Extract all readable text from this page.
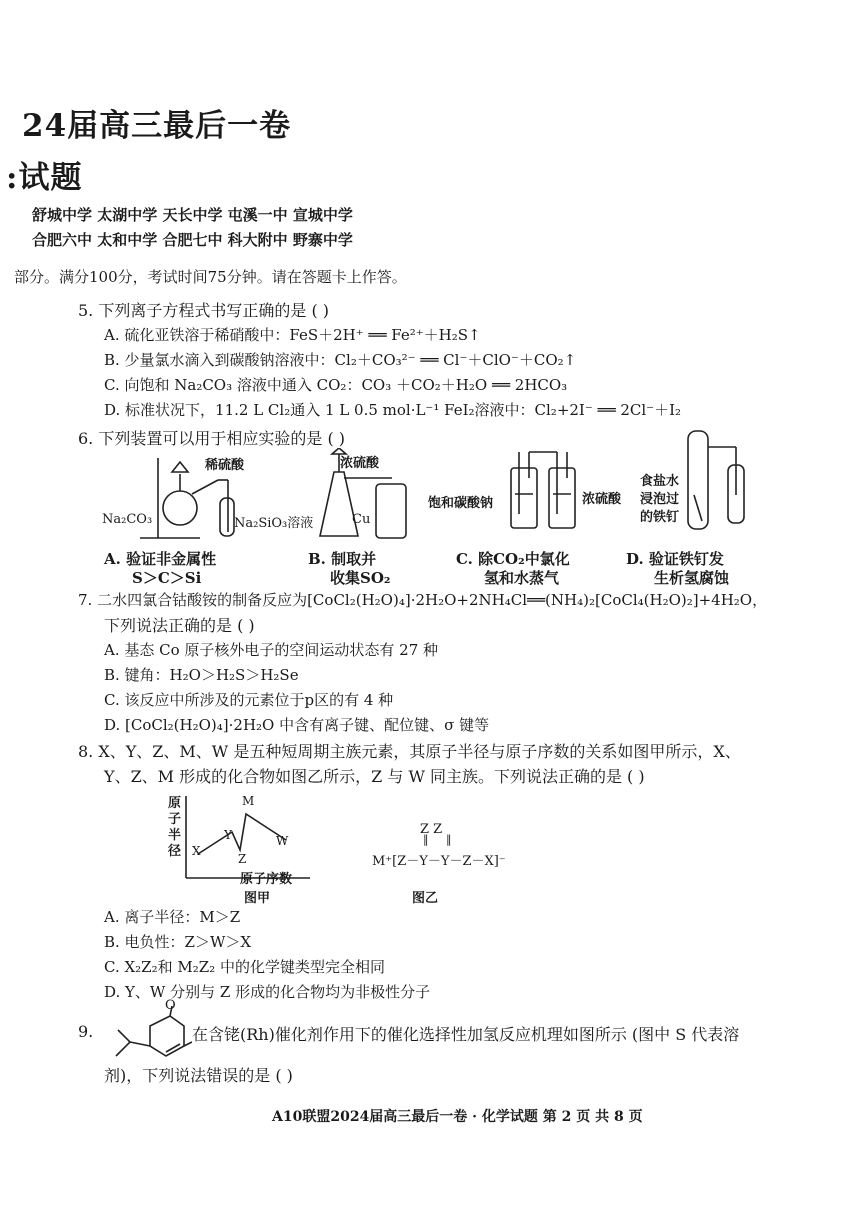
24届高三最后一卷
:试题
舒城中学 太湖中学 天长中学 屯溪一中 宣城中学
合肥六中 太和中学 合肥七中 科大附中 野寨中学
部分。满分100分，考试时间75分钟。请在答题卡上作答。
5. 下列离子方程式书写正确的是 ( )
A. 硫化亚铁溶于稀硝酸中：FeS＋2H⁺ ══ Fe²⁺＋H₂S↑
B. 少量氯水滴入到碳酸钠溶液中：Cl₂＋CO₃²⁻ ══ Cl⁻＋ClO⁻＋CO₂↑
C. 向饱和 Na₂CO₃ 溶液中通入 CO₂：CO₃ ＋CO₂＋H₂O ══ 2HCO₃
D. 标准状况下，11.2 L Cl₂通入 1 L 0.5 mol·L⁻¹ FeI₂溶液中：Cl₂+2I⁻ ══ 2Cl⁻＋I₂
6. 下列装置可以用于相应实验的是 ( )
稀硫酸
Na₂CO₃	Na₂SiO₃溶液
浓硫酸
Cu
饱和碳酸钠	浓硫酸
食盐水
浸泡过
的铁钉
A. 验证非金属性
S＞C＞Si
B. 制取并
收集SO₂
C. 除CO₂中氯化
氢和水蒸气
D. 验证铁钉发
生析氢腐蚀
7. 二水四氯合钴酸铵的制备反应为[CoCl₂(H₂O)₄]·2H₂O+2NH₄Cl══(NH₄)₂[CoCl₄(H₂O)₂]+4H₂O，
下列说法正确的是 ( )
A. 基态 Co 原子核外电子的空间运动状态有 27 种
B. 键角：H₂O＞H₂S＞H₂Se
C. 该反应中所涉及的元素位于p区的有 4 种
D. [CoCl₂(H₂O)₄]·2H₂O 中含有离子键、配位键、σ 键等
8. X、Y、Z、M、W 是五种短周期主族元素，其原子半径与原子序数的关系如图甲所示，X、
Y、Z、M 形成的化合物如图乙所示，Z 与 W 同主族。下列说法正确的是 ( )
原
子
半
径 X
Y
Z
M
W
原子序数
图甲
Z Z
‖     ‖
M⁺[Z－Y－Y－Z－X]⁻
图乙
A. 离子半径：M＞Z
B. 电负性：Z＞W＞X
C. X₂Z₂和 M₂Z₂ 中的化学键类型完全相同
D. Y、W 分别与 Z 形成的化合物均为非极性分子
9.
O
在含铑(Rh)催化剂作用下的催化选择性加氢反应机理如图所示 (图中 S 代表溶
剂)，下列说法错误的是 ( )
A10联盟2024届高三最后一卷 · 化学试题 第 2 页 共 8 页
